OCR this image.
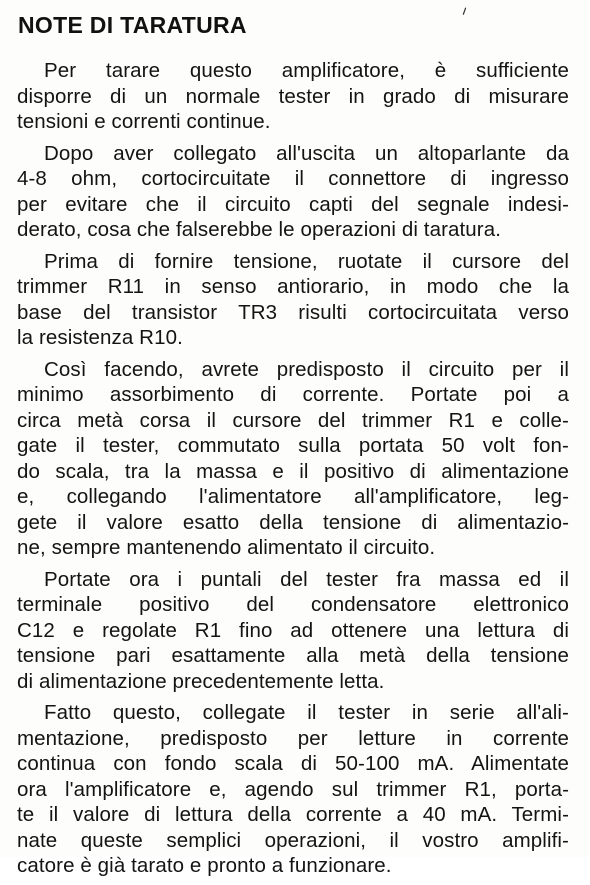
ı
NOTE DI TARATURA
Per tarare questo amplificatore, è sufficiente
disporre di un normale tester in grado di misurare
tensioni e correnti continue.
Dopo aver collegato all'uscita un altoparlante da
4-8 ohm, cortocircuitate il connettore di ingresso
per evitare che il circuito capti del segnale indesi-
derato, cosa che falserebbe le operazioni di taratura.
Prima di fornire tensione, ruotate il cursore del
trimmer R11 in senso antiorario, in modo che la
base del transistor TR3 risulti cortocircuitata verso
la resistenza R10.
Così facendo, avrete predisposto il circuito per il
minimo assorbimento di corrente. Portate poi a
circa metà corsa il cursore del trimmer R1 e colle-
gate il tester, commutato sulla portata 50 volt fon-
do scala, tra la massa e il positivo di alimentazione
e, collegando l'alimentatore all'amplificatore, leg-
gete il valore esatto della tensione di alimentazio-
ne, sempre mantenendo alimentato il circuito.
Portate ora i puntali del tester fra massa ed il
terminale positivo del condensatore elettronico
C12 e regolate R1 fino ad ottenere una lettura di
tensione pari esattamente alla metà della tensione
di alimentazione precedentemente letta.
Fatto questo, collegate il tester in serie all'ali-
mentazione, predisposto per letture in corrente
continua con fondo scala di 50-100 mA. Alimentate
ora l'amplificatore e, agendo sul trimmer R1, porta-
te il valore di lettura della corrente a 40 mA. Termi-
nate queste semplici operazioni, il vostro amplifi-
catore è già tarato e pronto a funzionare.
